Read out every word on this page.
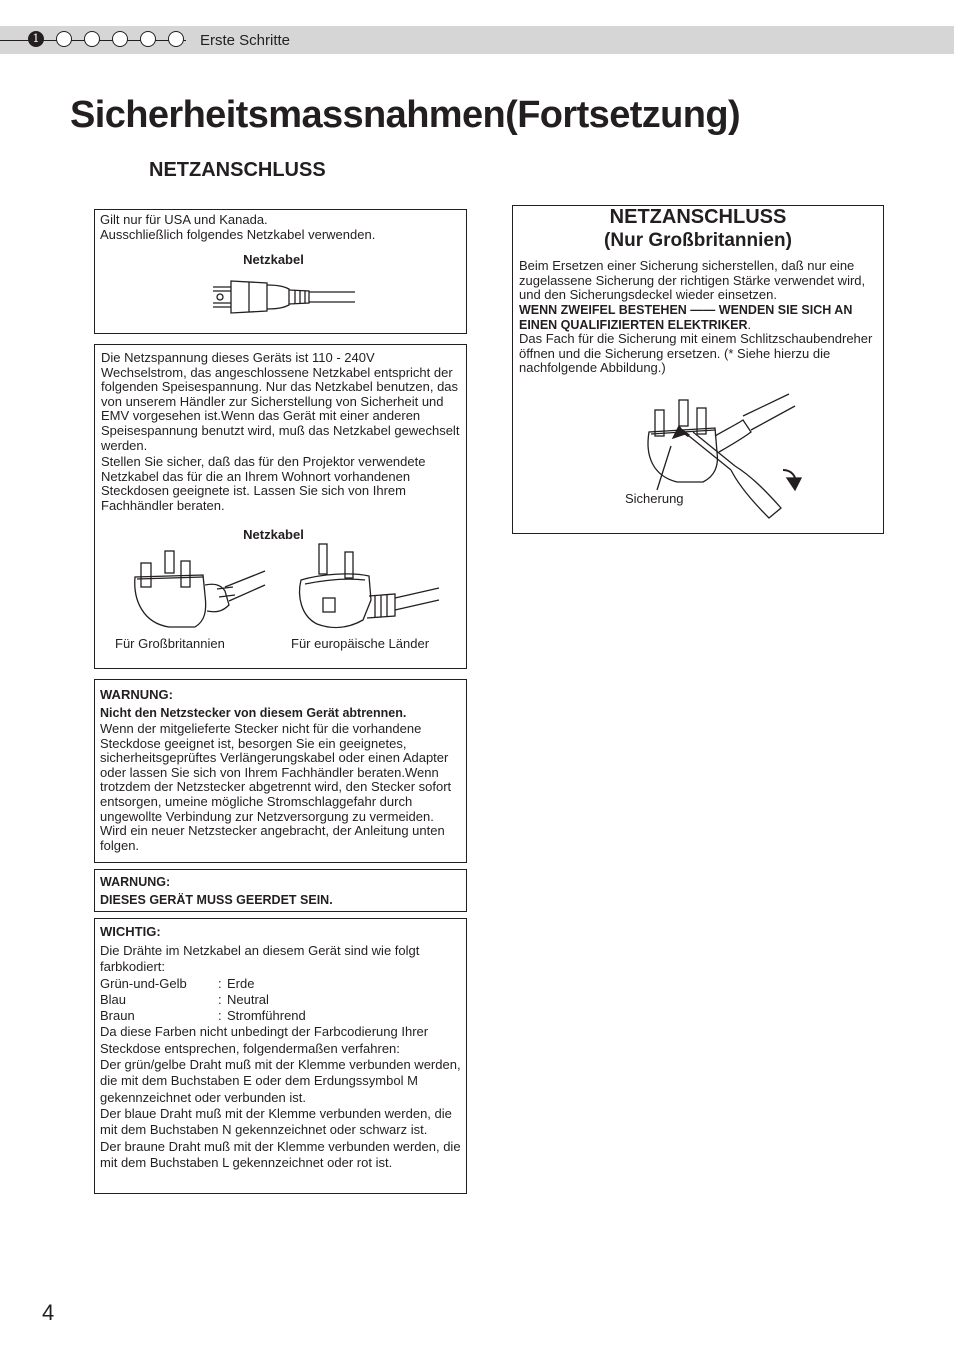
1	Erste Schritte
Sicherheitsmassnahmen(Fortsetzung)
NETZANSCHLUSS
Gilt nur für USA und Kanada.
Ausschließlich folgendes Netzkabel verwenden.
Netzkabel
Die Netzspannung dieses Geräts ist 110 - 240V Wechselstrom, das angeschlossene Netzkabel entspricht der folgenden Speisespannung. Nur das Netzkabel benutzen, das von unserem Händler zur Sicherstellung von Sicherheit und EMV vorgesehen ist.Wenn das Gerät mit einer anderen Speisespannung benutzt wird, muß das Netzkabel gewechselt werden.
Stellen Sie sicher, daß das für den Projektor verwendete Netzkabel das für die an Ihrem Wohnort vorhandenen Steckdosen geeignete ist. Lassen Sie sich von Ihrem Fachhändler beraten.
Netzkabel
Für Großbritannien	Für europäische Länder
WARNUNG:
Nicht den Netzstecker von diesem Gerät abtrennen.
Wenn der mitgelieferte Stecker nicht für die vorhandene Steckdose geeignet ist, besorgen Sie ein geeignetes, sicherheitsgeprüftes Verlängerungskabel oder einen Adapter oder lassen Sie sich von Ihrem Fachhändler beraten.Wenn trotzdem der Netzstecker abgetrennt wird, den Stecker sofort entsorgen, umeine mögliche Stromschlaggefahr durch ungewollte Verbindung zur Netzversorgung zu vermeiden. Wird ein neuer Netzstecker angebracht, der Anleitung unten folgen.
WARNUNG:
DIESES GERÄT MUSS GEERDET SEIN.
WICHTIG:
Die Drähte im Netzkabel an diesem Gerät sind wie folgt farbkodiert:
Grün-und-Gelb	: Erde
Blau	: Neutral
Braun	: Stromführend
Da diese Farben nicht unbedingt der Farbcodierung Ihrer Steckdose entsprechen, folgendermaßen verfahren:
Der grün/gelbe Draht muß mit der Klemme verbunden werden, die mit dem Buchstaben E oder dem Erdungssymbol M gekennzeichnet oder verbunden ist.
Der blaue Draht muß mit der Klemme verbunden werden, die mit dem Buchstaben N gekennzeichnet oder schwarz ist.
Der braune Draht muß mit der Klemme verbunden werden, die mit dem Buchstaben L gekennzeichnet oder rot ist.
NETZANSCHLUSS
(Nur Großbritannien)
Beim Ersetzen einer Sicherung sicherstellen, daß nur eine zugelassene Sicherung der richtigen Stärke verwendet wird, und den Sicherungsdeckel wieder einsetzen.
WENN ZWEIFEL BESTEHEN —— WENDEN SIE SICH AN EINEN QUALIFIZIERTEN ELEKTRIKER.
Das Fach für die Sicherung mit einem Schlitzschaubendreher öffnen und die Sicherung ersetzen. (* Siehe hierzu die nachfolgende Abbildung.)
Sicherung
4
